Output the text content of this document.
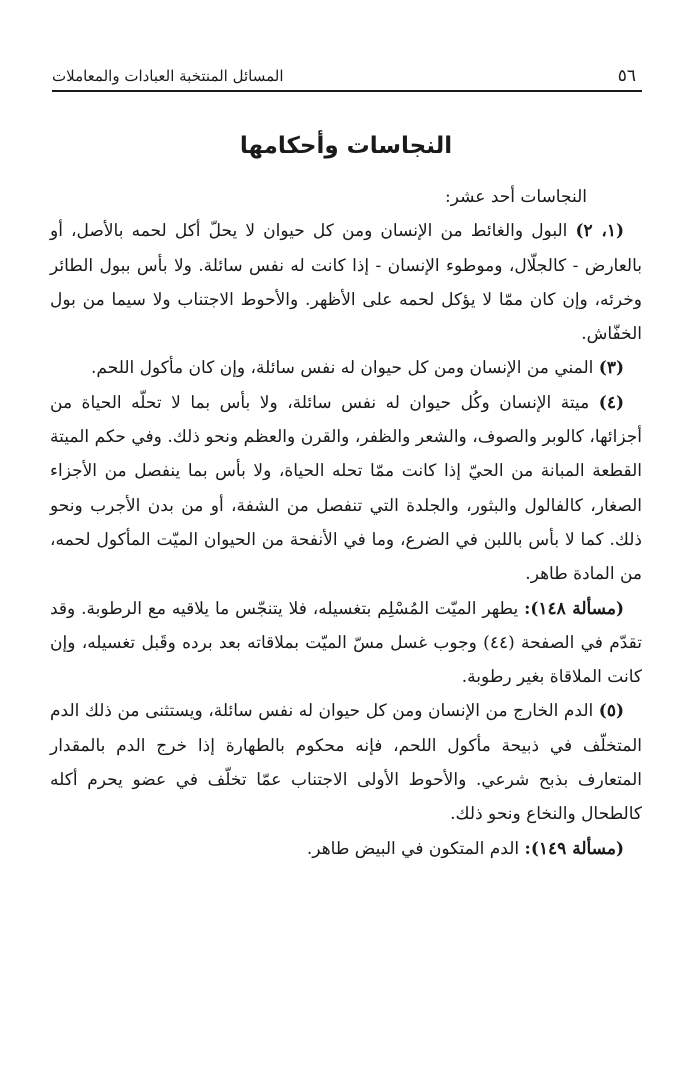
٥٦
المسائل المنتخبة العبادات والمعاملات
النجاسات وأحكامها

النجاسات أحد عشر:

(١، ٢) البول والغائط من الإنسان ومن كل حيوان لا يحلّ أكل لحمه بالأصل، أو بالعارض - كالجلّال، وموطوء الإنسان - إذا كانت له نفس سائلة. ولا بأس ببول الطائر وخرئه، وإن كان ممّا لا يؤكل لحمه على الأظهر. والأحوط الاجتناب ولا سيما من بول الخفّاش.

(٣) المني من الإنسان ومن كل حيوان له نفس سائلة، وإن كان مأكول اللحم.

(٤) ميتة الإنسان وكُل حيوان له نفس سائلة، ولا بأس بما لا تحلّه الحياة من أجزائها، كالوبر والصوف، والشعر والظفر، والقرن والعظم ونحو ذلك. وفي حكم الميتة القطعة المبانة من الحيّ إذا كانت ممّا تحله الحياة، ولا بأس بما ينفصل من الأجزاء الصغار، كالفالول والبثور، والجلدة التي تنفصل من الشفة، أو من بدن الأجرب ونحو ذلك. كما لا بأس باللبن في الضرع، وما في الأنفحة من الحيوان الميّت المأكول لحمه، من المادة طاهر.

(مسألة ١٤٨): يطهر الميّت المُسْلِم بتغسيله، فلا يتنجّس ما يلاقيه مع الرطوبة. وقد تقدّم في الصفحة (٤٤) وجوب غسل مسّ الميّت بملاقاته بعد برده وقَبل تغسيله، وإن كانت الملاقاة بغير رطوبة.

(٥) الدم الخارج من الإنسان ومن كل حيوان له نفس سائلة، ويستثنى من ذلك الدم المتخلّف في ذبيحة مأكول اللحم، فإنه محكوم بالطهارة إذا خرج الدم بالمقدار المتعارف بذبح شرعي. والأحوط الأولى الاجتناب عمّا تخلّف في عضو يحرم أكله كالطحال والنخاع ونحو ذلك.

(مسألة ١٤٩): الدم المتكون في البيض طاهر.
